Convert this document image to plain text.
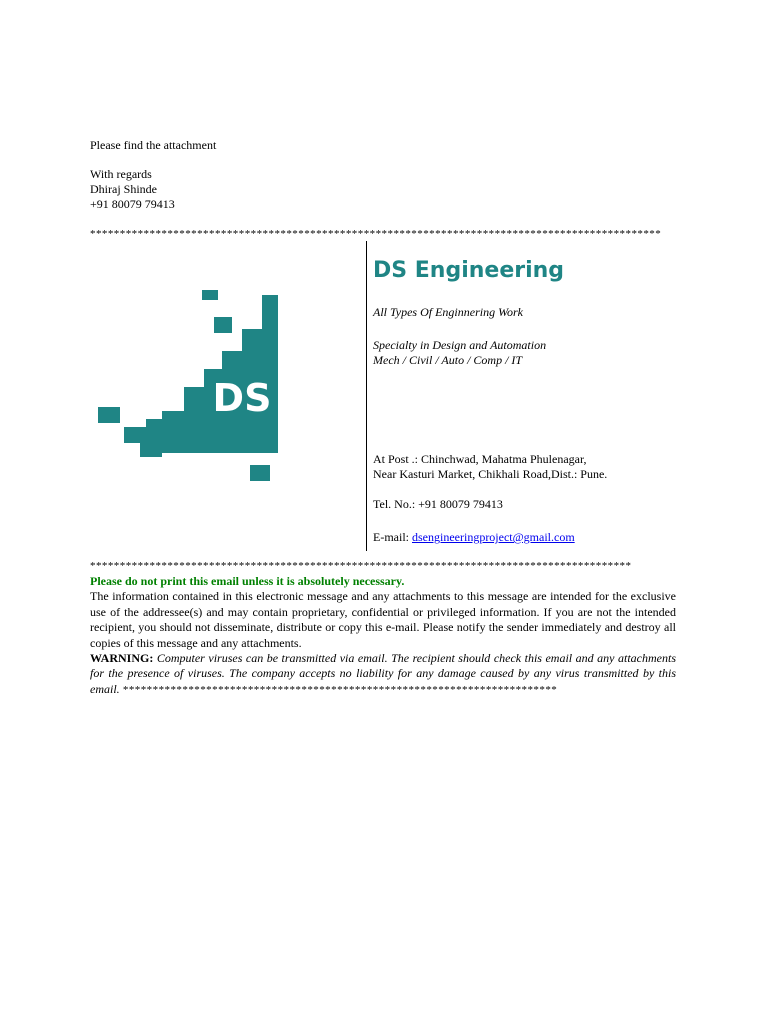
Please find the attachment
With regards
Dhiraj Shinde
+91 80079 79413
************************************************************************************************
DS
DS Engineering
All Types Of Enginnering Work
Specialty in Design and Automation
Mech / Civil / Auto / Comp / IT
At Post .: Chinchwad, Mahatma Phulenagar,
Near Kasturi Market, Chikhali Road,Dist.: Pune.
Tel. No.: +91 80079 79413
E-mail: dsengineeringproject@gmail.com
*******************************************************************************************
Please do not print this email unless it is absolutely necessary.
The information contained in this electronic message and any attachments to this message are intended for the exclusive use of the addressee(s) and may contain proprietary, confidential or privileged information. If you are not the intended recipient, you should not disseminate, distribute or copy this e-mail. Please notify the sender immediately and destroy all copies of this message and any attachments.
WARNING: Computer viruses can be transmitted via email. The recipient should check this email and any attachments for the presence of viruses. The company accepts no liability for any damage caused by any virus transmitted by this email. *************************************************************************
